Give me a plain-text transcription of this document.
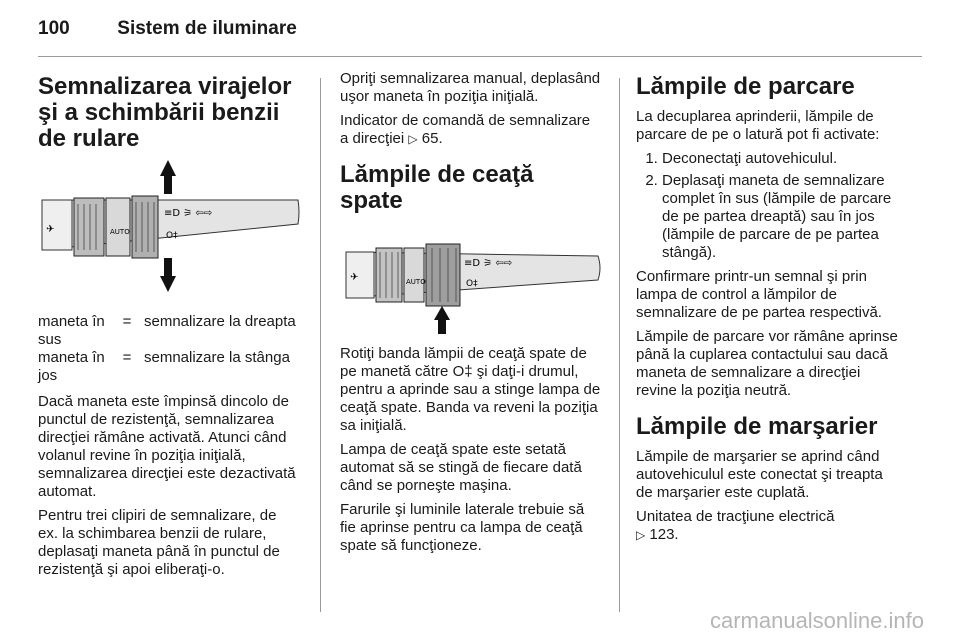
100	Sistem de iluminare
Semnalizarea virajelor şi a schimbării benzii de rulare
≡D ⚞ ⇦⇨
O‡
AUTO
✈
maneta în sus
= semnalizare la dreapta
maneta în jos
= semnalizare la stânga

Dacă maneta este împinsă dincolo de punctul de rezistenţă, semnalizarea direcţiei rămâne activată. Atunci când volanul revine în poziţia iniţială, semnalizarea direcţiei este dezactivată automat.

Pentru trei clipiri de semnalizare, de ex. la schimbarea benzii de rulare, deplasaţi maneta până în punctul de rezistenţă şi apoi eliberaţi-o.

Opriţi semnalizarea manual, deplasând uşor maneta în poziţia iniţială.

Indicator de comandă de semnalizare a direcţiei ▷ 65.

Lămpile de ceaţă spate
≡D ⚞ ⇦⇨
O‡
AUTO
✈

Rotiţi banda lămpii de ceaţă spate de pe manetă către O‡ şi daţi-i drumul, pentru a aprinde sau a stinge lampa de ceaţă spate. Banda va reveni la poziţia sa iniţială.

Lampa de ceaţă spate este setată automat să se stingă de fiecare dată când se porneşte maşina.

Farurile şi luminile laterale trebuie să fie aprinse pentru ca lampa de ceaţă spate să funcţioneze.

Lămpile de parcare

La decuplarea aprinderii, lămpile de parcare de pe o latură pot fi activate:

1. Deconectaţi autovehiculul.
2. Deplasaţi maneta de semnalizare complet în sus (lămpile de parcare de pe partea dreaptă) sau în jos (lămpile de parcare de pe partea stângă).

Confirmare printr-un semnal şi prin lampa de control a lămpilor de semnalizare de pe partea respectivă.

Lămpile de parcare vor rămâne aprinse până la cuplarea contactului sau dacă maneta de semnalizare a direcţiei revine la poziţia neutră.

Lămpile de marşarier

Lămpile de marşarier se aprind când autovehiculul este conectat şi treapta de marşarier este cuplată.

Unitatea de tracţiune electrică
▷ 123.

carmanualsonline.info
